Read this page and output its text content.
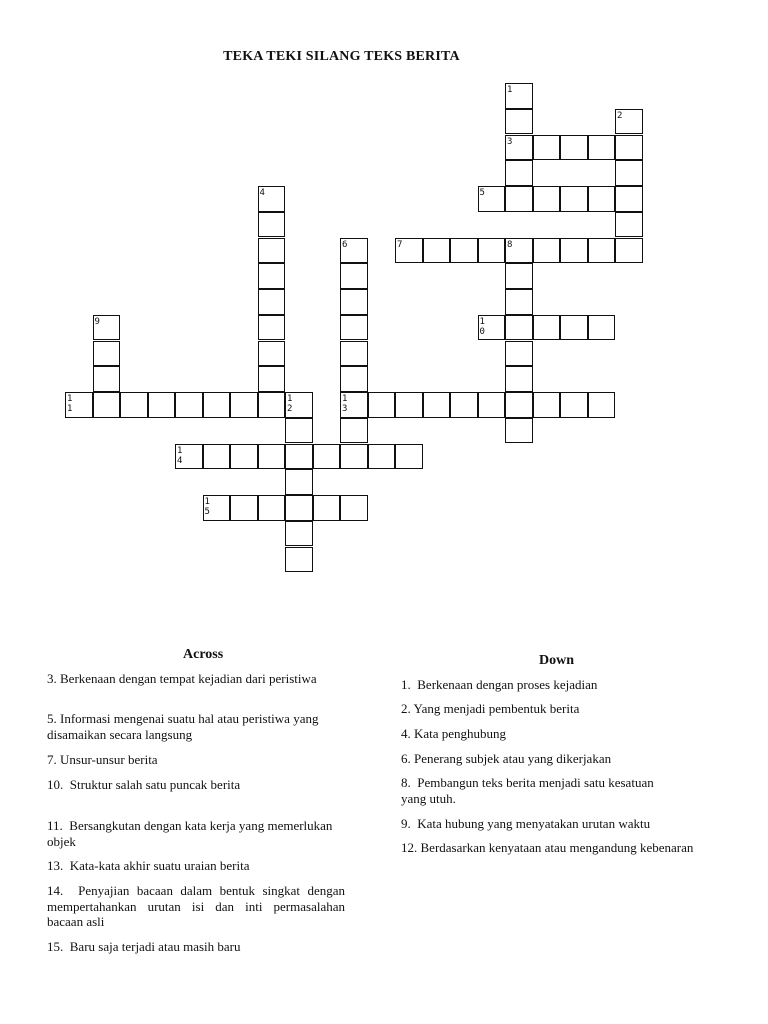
TEKA TEKI SILANG TEKS BERITA
1
3
2
4	5
6
13
7	8
9	10
11
12
14
15
Across
3. Berkenaan dengan tempat kejadian dari peristiwa
5. Informasi mengenai suatu hal atau peristiwa yang disamaikan secara langsung
7. Unsur-unsur berita
10. Struktur salah satu puncak berita
11. Bersangkutan dengan kata kerja yang memerlukan objek
13. Kata-kata akhir suatu uraian berita
14. Penyajian bacaan dalam bentuk singkat dengan mempertahankan urutan isi dan inti permasalahan bacaan asli
15. Baru saja terjadi atau masih baru
Down
1. Berkenaan dengan proses kejadian
2. Yang menjadi pembentuk berita
4. Kata penghubung
6. Penerang subjek atau yang dikerjakan
8. Pembangun teks berita menjadi satu kesatuan yang utuh.
9. Kata hubung yang menyatakan urutan waktu
12. Berdasarkan kenyataan atau mengandung kebenaran
